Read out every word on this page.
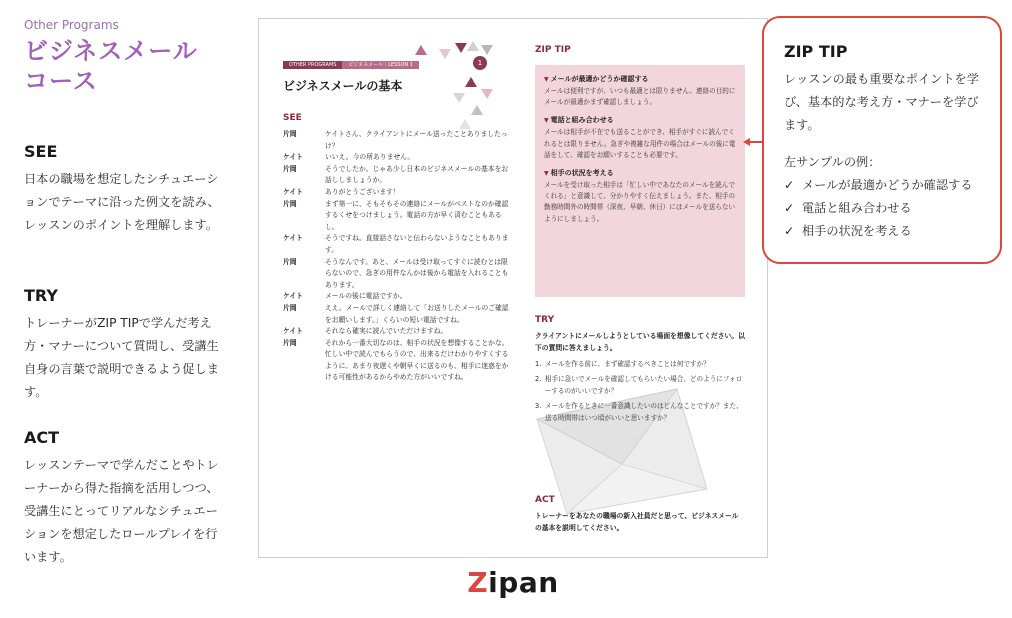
Other Programs
ビジネスメール
コース
SEE

日本の職場を想定したシチュエーションでテーマに沿った例文を読み、レッスンのポイントを理解します。

TRY

トレーナーがZIP TIPで学んだ考え方・マナーについて質問し、受講生自身の言葉で説明できるよう促します。

ACT

レッスンテーマで学んだことやトレーナーから得た指摘を活用しつつ、受講生にとってリアルなシチュエーションを想定したロールプレイを行います。

OTHER PROGRAMS	ビジネスメール｜LESSON 1	1
ビジネスメールの基本
SEE
片岡	ケイトさん、クライアントにメール送ったことありましたっけ？
ケイト	いいえ。今の所ありません。
片岡	そうでしたか。じゃあ少し日本のビジネスメールの基本をお話ししましょうか。
ケイト	ありがとうございます！
片岡	まず第一に、そもそもその連絡にメールがベストなのか確認するくせをつけましょう。電話の方が早く済むこともあるし。
ケイト	そうですね。直接話さないと伝わらないようなこともあります。
片岡	そうなんです。あと、メールは受け取ってすぐに読むとは限らないので、急ぎの用件なんかは後から電話を入れることもあります。
ケイト	メールの後に電話ですか。
片岡	ええ。メールで詳しく連絡して「お送りしたメールのご確認をお願いします。」くらいの短い電話ですね。
ケイト	それなら確実に読んでいただけますね。
片岡	それから一番大切なのは、相手の状況を想像することかな。忙しい中で読んでもらうので、出来るだけわかりやすくするように。あまり夜遅くや朝早くに送るのも、相手に迷惑をかける可能性があるからやめた方がいいですね。
ZIP TIP
▼ メールが最適かどうか確認する
メールは便利ですが、いつも最適とは限りません。連絡の目的にメールが最適かまず確認しましょう。
▼ 電話と組み合わせる
メールは相手が不在でも送ることができ、相手がすぐに読んでくれるとは限りません。急ぎや複雑な用件の場合はメールの後に電話をして、確認をお願いすることも必要です。
▼ 相手の状況を考える
メールを受け取った相手は「忙しい中であなたのメールを読んでくれる」と意識して、分かりやすく伝えましょう。また、相手の勤務時間外の時間帯（深夜、早朝、休日）にはメールを送らないようにしましょう。
TRY
クライアントにメールしようとしている場面を想像してください。以下の質問に答えましょう。
1. メールを作る前に、まず確認するべきことは何ですか？
2. 相手に急いでメールを確認してもらいたい場合、どのようにフォローするのがいいですか？
3. メールを作るときに一番意識したいのはどんなことですか？また、送る時間帯はいつ頃がいいと思いますか？
ACT
トレーナーをあなたの職場の新入社員だと思って、ビジネスメールの基本を説明してください。
ZIP TIP
レッスンの最も重要なポイントを学び、基本的な考え方・マナーを学びます。
左サンプルの例：
✓ メールが最適かどうか確認する
✓ 電話と組み合わせる
✓ 相手の状況を考える
Zipan
